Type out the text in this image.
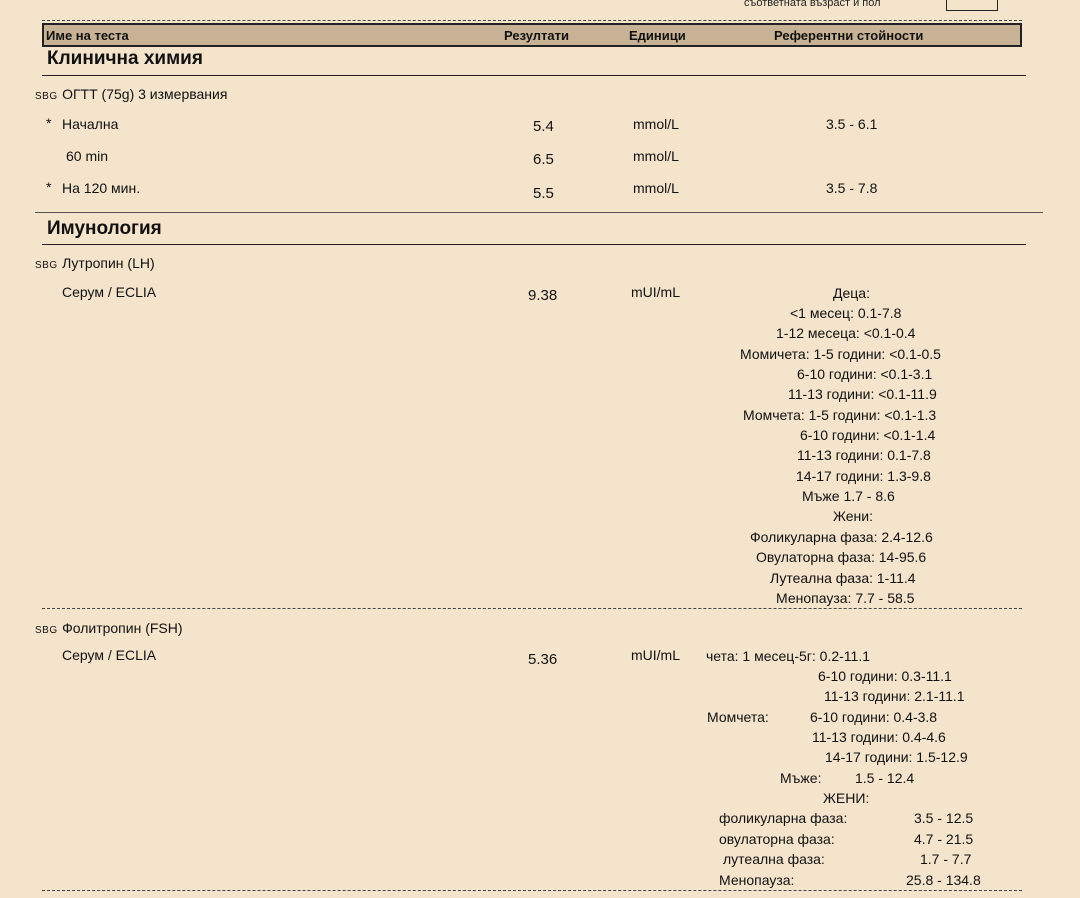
съответната възраст и пол
Име на теста	Резултати	Единици	Референтни стойности
Клинична химия
SBG ОГТТ (75g) 3 измервания
* Начална	5.4	mmol/L	3.5 - 6.1
60 min	6.5	mmol/L
* На 120 мин.	5.5	mmol/L	3.5 - 7.8
Имунология
SBG Лутропин (LH)
Серум / ECLIA	9.38	mUI/mL	Деца:
<1 месец: 0.1-7.8
1-12 месеца: <0.1-0.4
Момичета: 1-5 години: <0.1-0.5
6-10 години: <0.1-3.1
11-13 години: <0.1-11.9
Момчета: 1-5 години: <0.1-1.3
6-10 години: <0.1-1.4
11-13 години: 0.1-7.8
14-17 години: 1.3-9.8
Мъже 1.7 - 8.6
Жени:
Фоликуларна фаза: 2.4-12.6
Овулаторна фаза: 14-95.6
Лутеална фаза: 1-11.4
Менопауза: 7.7 - 58.5
SBG Фолитропин (FSH)
Серум / ECLIA	5.36	mUI/mL чета: 1 месец-5г: 0.2-11.1
6-10 години: 0.3-11.1
11-13 години: 2.1-11.1
Момчета:	6-10 години: 0.4-3.8
11-13 години: 0.4-4.6
14-17 години: 1.5-12.9
Мъже: 1.5 - 12.4
ЖЕНИ:
фоликуларна фаза:	3.5 - 12.5
овулаторна фаза:	4.7 - 21.5
лутеална фаза:	1.7 - 7.7
Менопауза:	25.8 - 134.8
